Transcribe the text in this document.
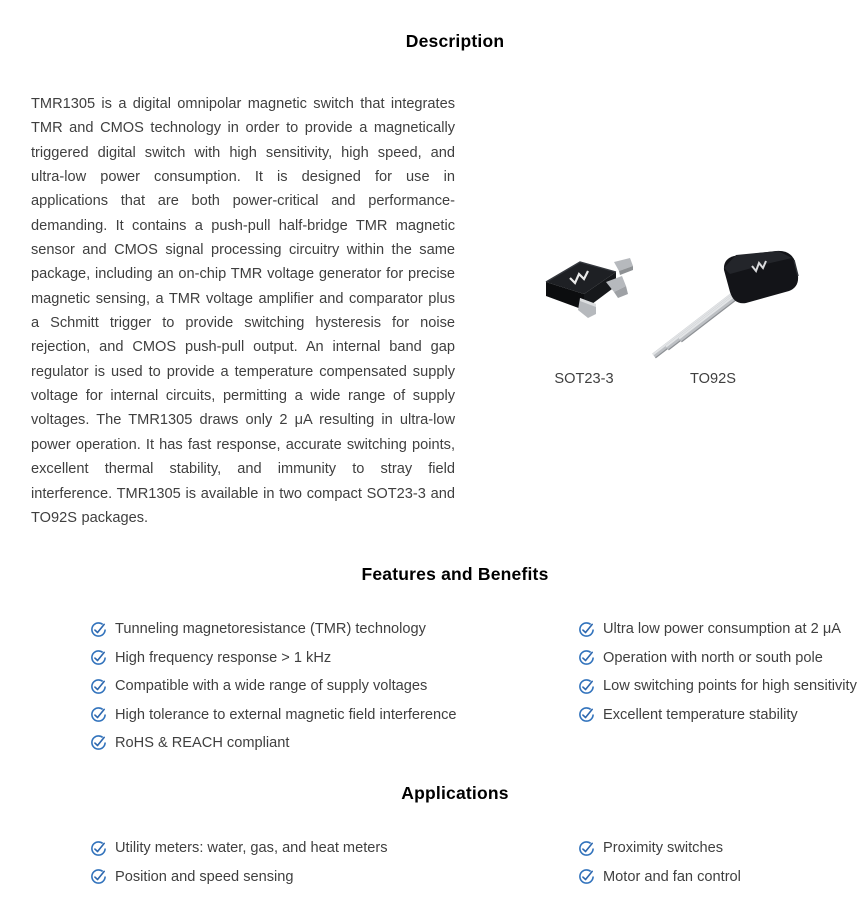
Description

TMR1305 is a digital omnipolar magnetic switch that integrates TMR and CMOS technology in order to provide a magnetically triggered digital switch with high sensitivity, high speed, and ultra-low power consumption. It is designed for use in applications that are both power-critical and performance-demanding. It contains a push-pull half-bridge TMR magnetic sensor and CMOS signal processing circuitry within the same package, including an on-chip TMR voltage generator for precise magnetic sensing, a TMR voltage amplifier and comparator plus a Schmitt trigger to provide switching hysteresis for noise rejection, and CMOS push-pull output. An internal band gap regulator is used to provide a temperature compensated supply voltage for internal circuits, permitting a wide range of supply voltages. The TMR1305 draws only 2 μA resulting in ultra-low power operation. It has fast response, accurate switching points, excellent thermal stability, and immunity to stray field interference. TMR1305 is available in two compact SOT23-3 and TO92S packages.

SOT23-3	TO92S
Features and Benefits
Tunneling magnetoresistance (TMR) technology
High frequency response > 1 kHz
Compatible with a wide range of supply voltages
High tolerance to external magnetic field interference
RoHS & REACH compliant
Ultra low power consumption at 2 μA
Operation with north or south pole
Low switching points for high sensitivity
Excellent temperature stability
Applications
Utility meters: water, gas, and heat meters
Position and speed sensing
Proximity switches
Motor and fan control
